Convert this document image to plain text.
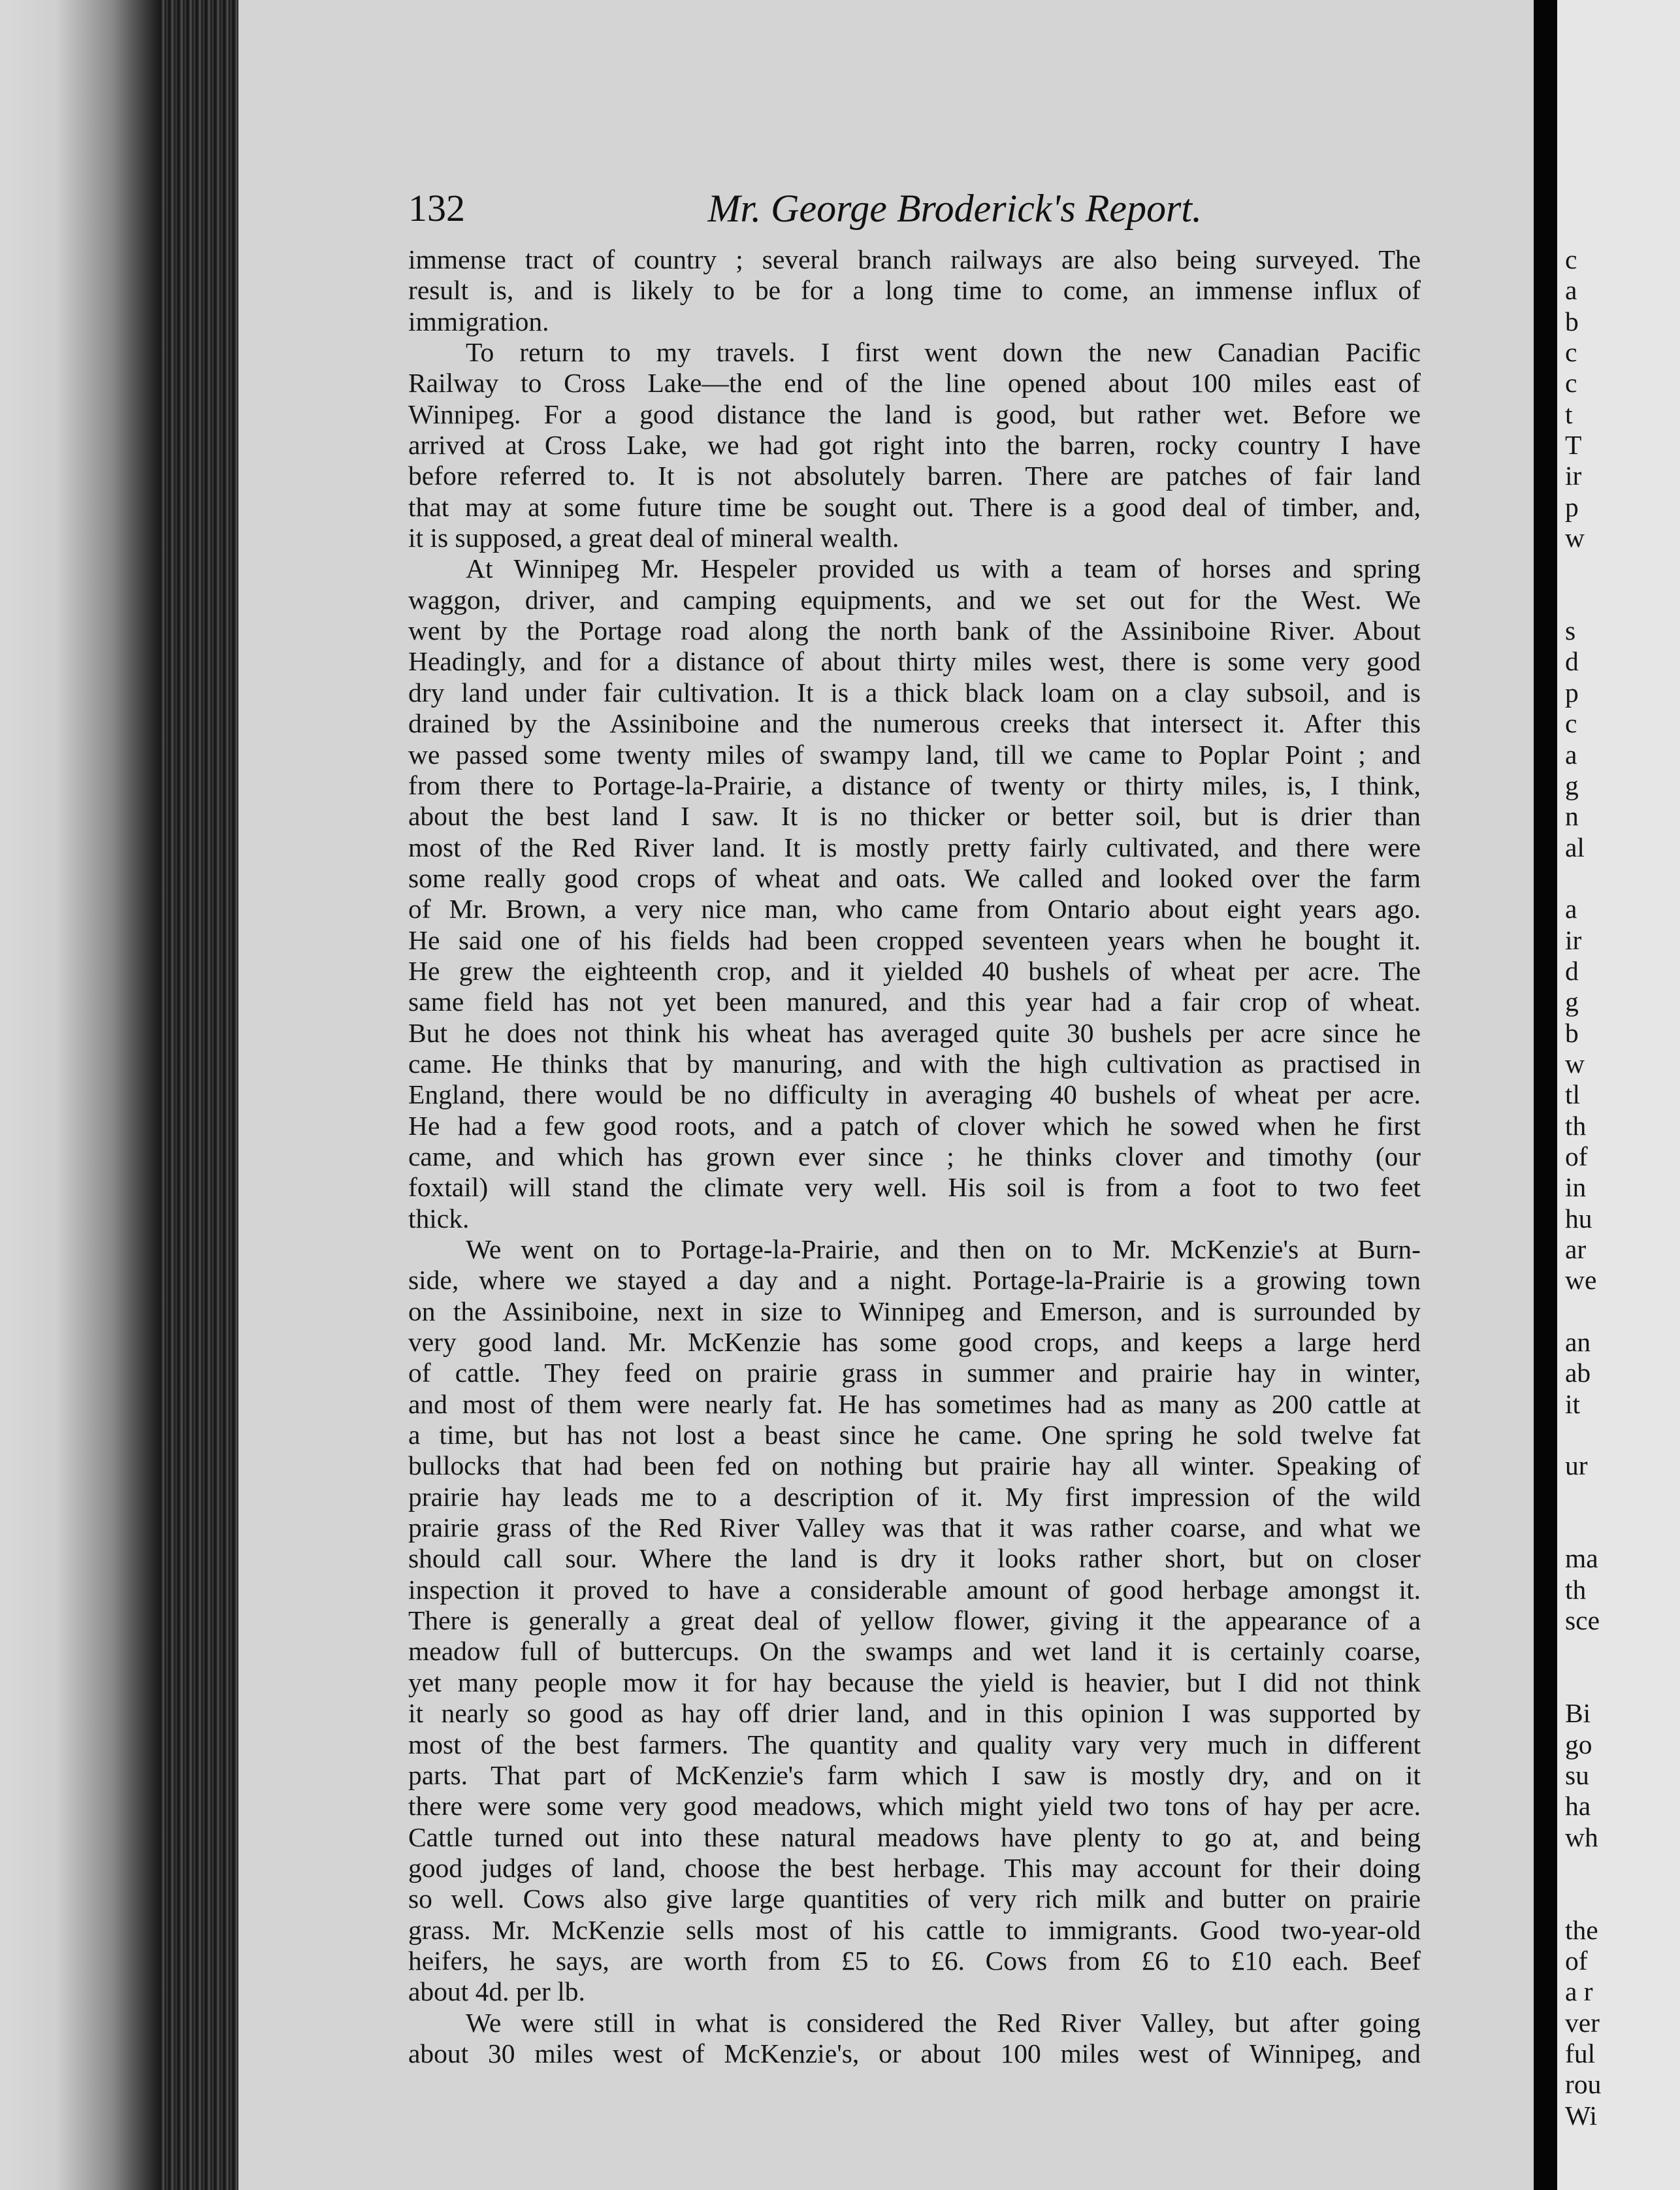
132	Mr. George Broderick's Report.
immense tract of country ; several branch railways are also being surveyed. The
result is, and is likely to be for a long time to come, an immense influx of
immigration.
To return to my travels. I first went down the new Canadian Pacific
Railway to Cross Lake—the end of the line opened about 100 miles east of
Winnipeg. For a good distance the land is good, but rather wet. Before we
arrived at Cross Lake, we had got right into the barren, rocky country I have
before referred to. It is not absolutely barren. There are patches of fair land
that may at some future time be sought out. There is a good deal of timber, and,
it is supposed, a great deal of mineral wealth.
At Winnipeg Mr. Hespeler provided us with a team of horses and spring
waggon, driver, and camping equipments, and we set out for the West. We
went by the Portage road along the north bank of the Assiniboine River. About
Headingly, and for a distance of about thirty miles west, there is some very good
dry land under fair cultivation. It is a thick black loam on a clay subsoil, and is
drained by the Assiniboine and the numerous creeks that intersect it. After this
we passed some twenty miles of swampy land, till we came to Poplar Point ; and
from there to Portage-la-Prairie, a distance of twenty or thirty miles, is, I think,
about the best land I saw. It is no thicker or better soil, but is drier than
most of the Red River land. It is mostly pretty fairly cultivated, and there were
some really good crops of wheat and oats. We called and looked over the farm
of Mr. Brown, a very nice man, who came from Ontario about eight years ago.
He said one of his fields had been cropped seventeen years when he bought it.
He grew the eighteenth crop, and it yielded 40 bushels of wheat per acre. The
same field has not yet been manured, and this year had a fair crop of wheat.
But he does not think his wheat has averaged quite 30 bushels per acre since he
came. He thinks that by manuring, and with the high cultivation as practised in
England, there would be no difficulty in averaging 40 bushels of wheat per acre.
He had a few good roots, and a patch of clover which he sowed when he first
came, and which has grown ever since ; he thinks clover and timothy (our
foxtail) will stand the climate very well. His soil is from a foot to two feet
thick.
We went on to Portage-la-Prairie, and then on to Mr. McKenzie's at Burn-
side, where we stayed a day and a night. Portage-la-Prairie is a growing town
on the Assiniboine, next in size to Winnipeg and Emerson, and is surrounded by
very good land. Mr. McKenzie has some good crops, and keeps a large herd
of cattle. They feed on prairie grass in summer and prairie hay in winter,
and most of them were nearly fat. He has sometimes had as many as 200 cattle at
a time, but has not lost a beast since he came. One spring he sold twelve fat
bullocks that had been fed on nothing but prairie hay all winter. Speaking of
prairie hay leads me to a description of it. My first impression of the wild
prairie grass of the Red River Valley was that it was rather coarse, and what we
should call sour. Where the land is dry it looks rather short, but on closer
inspection it proved to have a considerable amount of good herbage amongst it.
There is generally a great deal of yellow flower, giving it the appearance of a
meadow full of buttercups. On the swamps and wet land it is certainly coarse,
yet many people mow it for hay because the yield is heavier, but I did not think
it nearly so good as hay off drier land, and in this opinion I was supported by
most of the best farmers. The quantity and quality vary very much in different
parts. That part of McKenzie's farm which I saw is mostly dry, and on it
there were some very good meadows, which might yield two tons of hay per acre.
Cattle turned out into these natural meadows have plenty to go at, and being
good judges of land, choose the best herbage. This may account for their doing
so well. Cows also give large quantities of very rich milk and butter on prairie
grass. Mr. McKenzie sells most of his cattle to immigrants. Good two-year-old
heifers, he says, are worth from £5 to £6. Cows from £6 to £10 each. Beef
about 4d. per lb.
We were still in what is considered the Red River Valley, but after going
about 30 miles west of McKenzie's, or about 100 miles west of Winnipeg, and
c
a
b
c
c
t
T
ir
p
w
s
d
p
c
a
g
n
al
a
ir
d
g
b
w
tl
th
of
in
hu
ar
we
an
ab
it
ur
ma
th
sce
Bi
go
su
ha
wh
the
of
a r
ver
ful
rou
Wi
